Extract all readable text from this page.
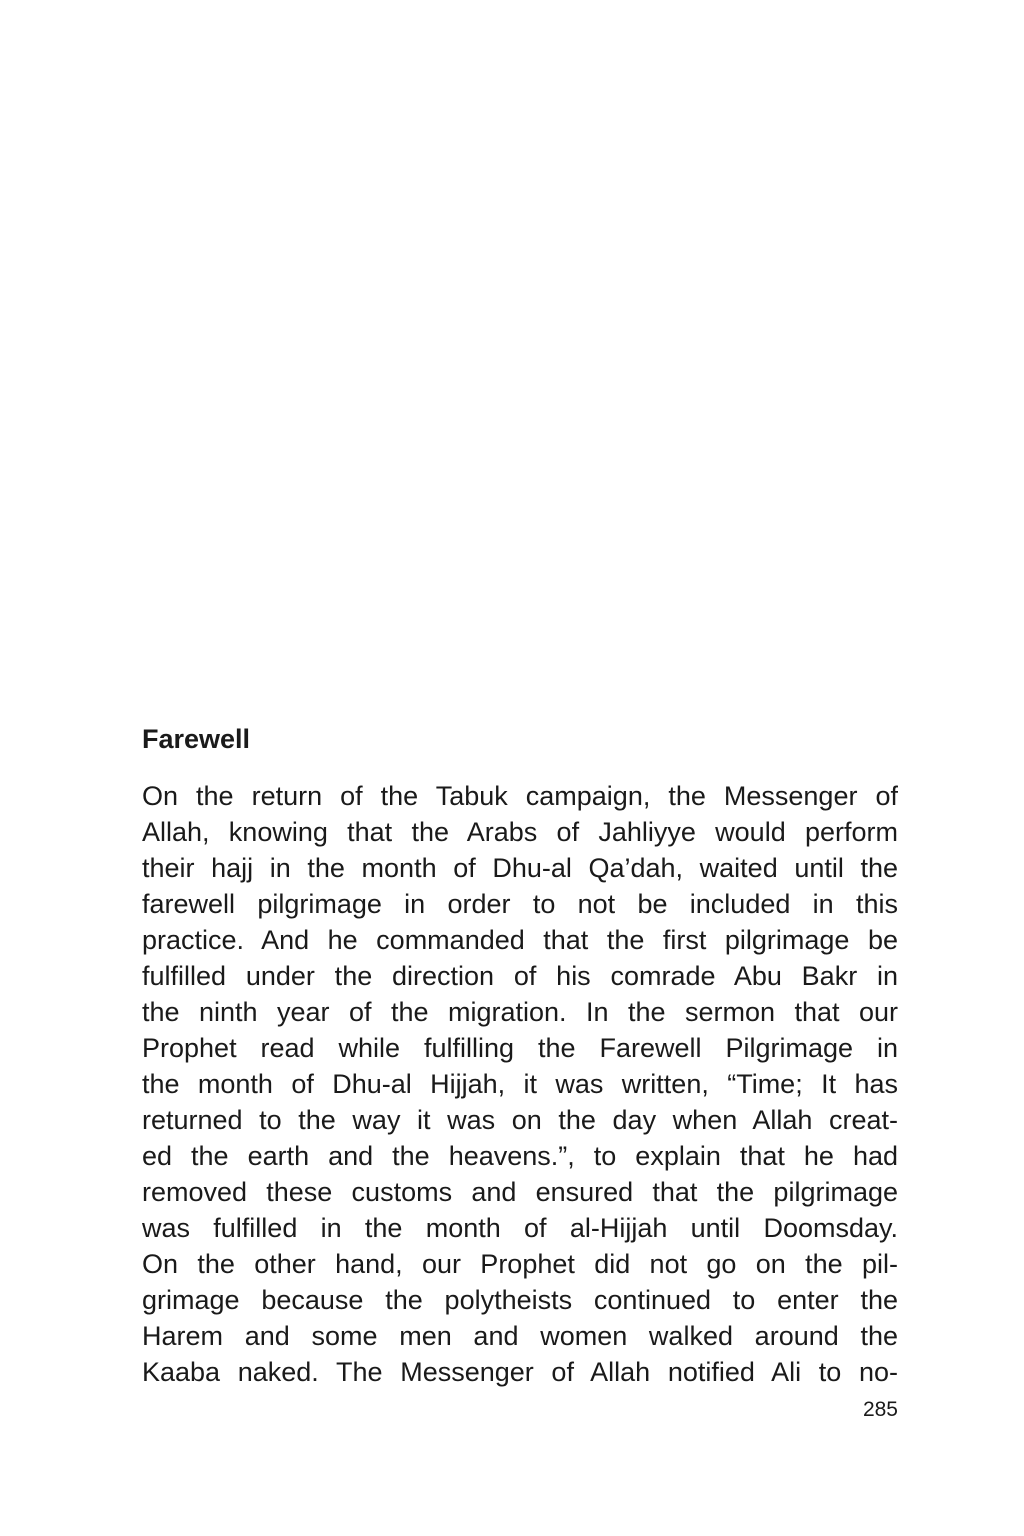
Farewell
On the return of the Tabuk campaign, the Messenger of
Allah, knowing that the Arabs of Jahliyye would perform
their hajj in the month of Dhu-al Qa’dah, waited until the
farewell pilgrimage in order to not be included in this
practice. And he commanded that the first pilgrimage be
fulfilled under the direction of his comrade Abu Bakr in
the ninth year of the migration. In the sermon that our
Prophet read while fulfilling the Farewell Pilgrimage in
the month of Dhu-al Hijjah, it was written, “Time; It has
returned to the way it was on the day when Allah creat-
ed the earth and the heavens.”, to explain that he had
removed these customs and ensured that the pilgrimage
was fulfilled in the month of al-Hijjah until Doomsday.
On the other hand, our Prophet did not go on the pil-
grimage because the polytheists continued to enter the
Harem and some men and women walked around the
Kaaba naked. The Messenger of Allah notified Ali to no-
285
